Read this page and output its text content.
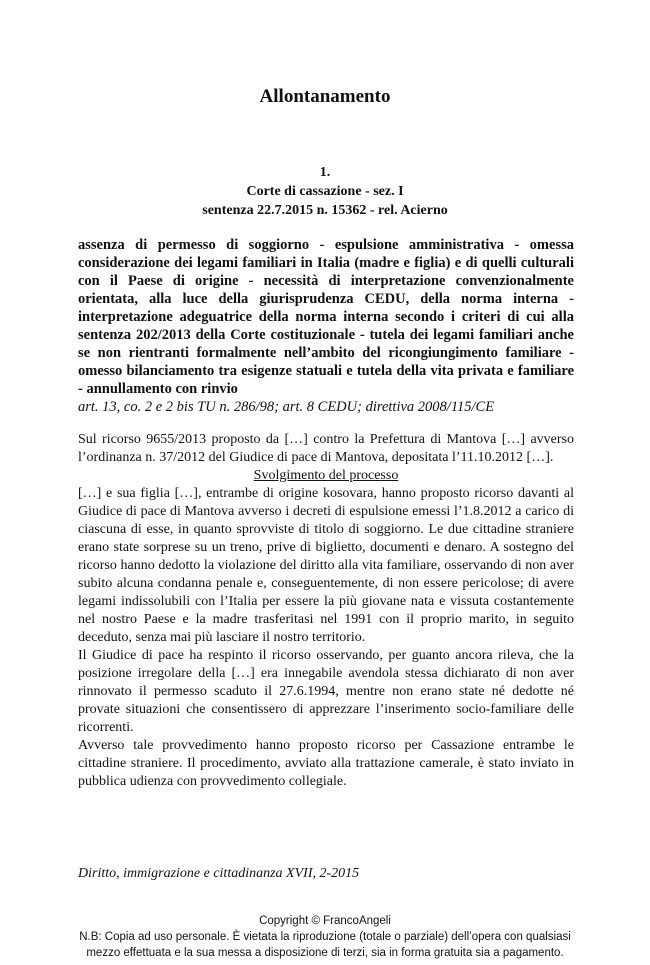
Allontanamento
1.
Corte di cassazione - sez. I
sentenza 22.7.2015 n. 15362 - rel. Acierno
assenza di permesso di soggiorno - espulsione amministrativa - omessa considerazione dei legami familiari in Italia (madre e figlia) e di quelli culturali con il Paese di origine - necessità di interpretazione convenzionalmente orientata, alla luce della giurisprudenza CEDU, della norma interna - interpretazione adeguatrice della norma interna secondo i criteri di cui alla sentenza 202/2013 della Corte costituzionale - tutela dei legami familiari anche se non rientranti formalmente nell’ambito del ricongiungimento familiare - omesso bilanciamento tra esigenze statuali e tutela della vita privata e familiare - annullamento con rinvio
art. 13, co. 2 e 2 bis TU n. 286/98; art. 8 CEDU; direttiva 2008/115/CE

Sul ricorso 9655/2013 proposto da […] contro la Prefettura di Mantova […] avverso l’ordinanza n. 37/2012 del Giudice di pace di Mantova, depositata l’11.10.2012 […].

Svolgimento del processo

[…] e sua figlia […], entrambe di origine kosovara, hanno proposto ricorso davanti al Giudice di pace di Mantova avverso i decreti di espulsione emessi l’1.8.2012 a carico di ciascuna di esse, in quanto sprovviste di titolo di soggiorno. Le due cittadine straniere erano state sorprese su un treno, prive di biglietto, documenti e denaro. A sostegno del ricorso hanno dedotto la violazione del diritto alla vita familiare, osservando di non aver subito alcuna condanna penale e, conseguentemente, di non essere pericolose; di avere legami indissolubili con l’Italia per essere la più giovane nata e vissuta costantemente nel nostro Paese e la madre trasferitasi nel 1991 con il proprio marito, in seguito deceduto, senza mai più lasciare il nostro territorio.

Il Giudice di pace ha respinto il ricorso osservando, per guanto ancora rileva, che la posizione irregolare della […] era innegabile avendola stessa dichiarato di non aver rinnovato il permesso scaduto il 27.6.1994, mentre non erano state né dedotte né provate situazioni che consentissero di apprezzare l’inserimento socio-familiare delle ricorrenti.

Avverso tale provvedimento hanno proposto ricorso per Cassazione entrambe le cittadine straniere. Il procedimento, avviato alla trattazione camerale, è stato inviato in pubblica udienza con provvedimento collegiale.

Diritto, immigrazione e cittadinanza XVII, 2-2015
Copyright © FrancoAngeli
N.B: Copia ad uso personale. È vietata la riproduzione (totale o parziale) dell’opera con qualsiasi
mezzo effettuata e la sua messa a disposizione di terzi, sia in forma gratuita sia a pagamento.
